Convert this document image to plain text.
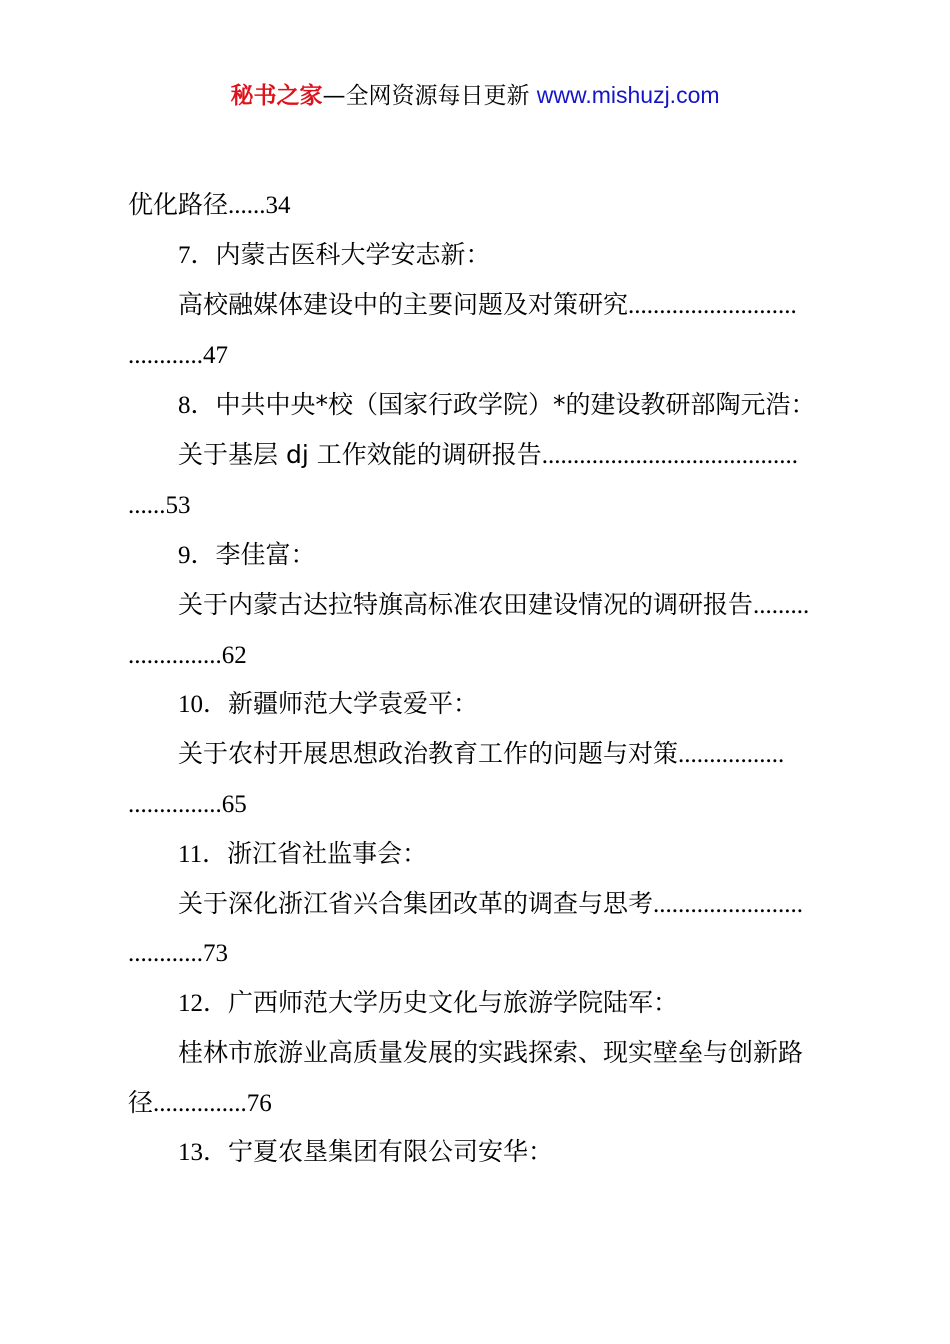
秘书之家—全网资源每日更新 www.mishuzj.com
优化路径......34
7．内蒙古医科大学安志新：
高校融媒体建设中的主要问题及对策研究...........................
............47
8．中共中央*校（国家行政学院）*的建设教研部陶元浩：
关于基层 dj 工作效能的调研报告.........................................
......53
9．李佳富：
关于内蒙古达拉特旗高标准农田建设情况的调研报告.........
...............62
10．新疆师范大学袁爱平：
关于农村开展思想政治教育工作的问题与对策.................
...............65
11．浙江省社监事会：
关于深化浙江省兴合集团改革的调查与思考........................
............73
12．广西师范大学历史文化与旅游学院陆军：
桂林市旅游业高质量发展的实践探索、现实壁垒与创新路
径...............76
13．宁夏农垦集团有限公司安华：
